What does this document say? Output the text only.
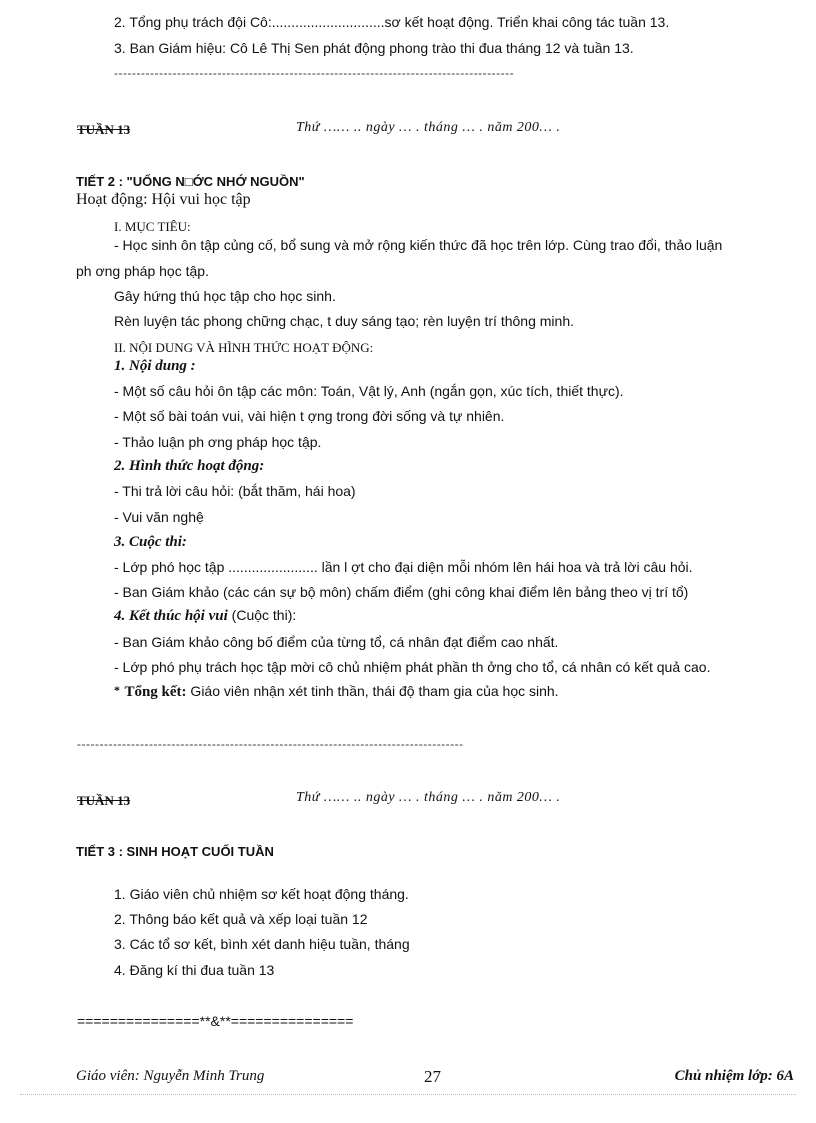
2. Tổng phụ trách đội Cô:.............................sơ kết hoạt động. Triển khai công tác tuần 13.
3. Ban Giám hiệu: Cô Lê Thị Sen phát động phong trào thi đua tháng 12 và tuần 13.
-----------------------------------------------------------------------------------------
TUẦN 13	Thứ …… .. ngày … . tháng … . năm 200… .
TIẾT 2 : "UỐNG N□ỚC NHỚ NGUỒN"
Hoạt động: Hội vui học tập
I. MỤC TIÊU:
- Học sinh ôn tập củng cố, bổ sung và mở rộng kiến thức đã học trên lớp. Cùng trao đổi, thảo luận
ph ơng pháp học tập.
Gây hứng thú học tập cho học sinh.
Rèn luyện tác phong chững chạc, t duy sáng tạo; rèn luyện trí thông minh.
II. NỘI DUNG VÀ HÌNH THỨC HOẠT ĐỘNG:
1. Nội dung :
- Một số câu hỏi ôn tập các môn: Toán, Vật lý, Anh (ngắn gọn, xúc tích, thiết thực).
- Một số bài toán vui, vài hiện t ợng trong đời sống và tự nhiên.
- Thảo luận ph ơng pháp học tập.
2. Hình thức hoạt động:
- Thi trả lời câu hỏi: (bắt thăm, hái hoa)
- Vui văn nghệ
3. Cuộc thi:
- Lớp phó học tập ....................... lần l ợt cho đại diện mỗi nhóm lên hái hoa và trả lời câu hỏi.
- Ban Giám khảo (các cán sự bộ môn) chấm điểm (ghi công khai điểm lên bảng theo vị trí tổ)
4. Kết thúc hội vui (Cuộc thi):
- Ban Giám khảo công bố điểm của từng tổ, cá nhân đạt điểm cao nhất.
- Lớp phó phụ trách học tập mời cô chủ nhiệm phát phần th ởng cho tổ, cá nhân có kết quả cao.
* Tổng kết: Giáo viên nhận xét tinh thần, thái độ tham gia của học sinh.
--------------------------------------------------------------------------------------
TUẦN 13	Thứ …… .. ngày … . tháng … . năm 200… .
TIẾT 3 : SINH HOẠT CUỐI TUẦN
1. Giáo viên chủ nhiệm sơ kết hoạt động tháng.
2. Thông báo kết quả và xếp loại tuần 12
3. Các tổ sơ kết, bình xét danh hiệu tuần, tháng
4. Đăng kí thi đua tuần 13
===============**&**===============
Giáo viên: Nguyễn Minh Trung	27	Chủ nhiệm lớp: 6A
